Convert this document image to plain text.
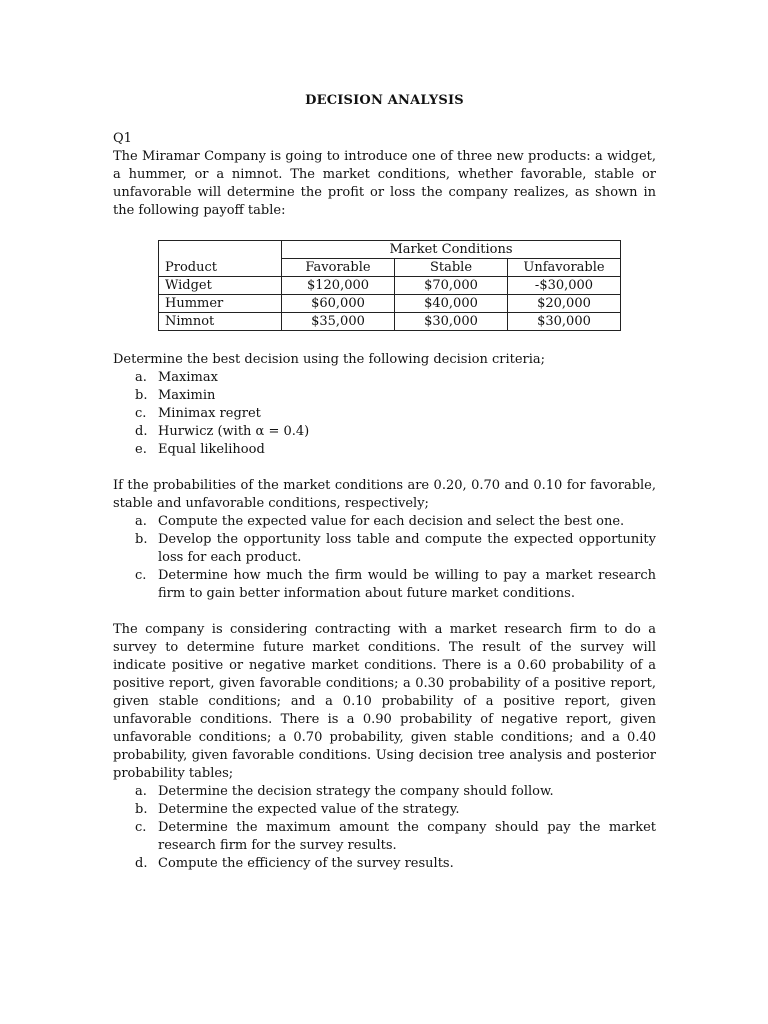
DECISION ANALYSIS

Q1

The Miramar Company is going to introduce one of three new products: a widget, a hummer, or a nimnot. The market conditions, whether favorable, stable or unfavorable will determine the profit or loss the company realizes, as shown in the following payoff table:

	Market Conditions		
Product	Favorable	Stable	Unfavorable
Widget	$120,000	$70,000	-$30,000
Hummer	$60,000	$40,000	$20,000
Nimnot	$35,000	$30,000	$30,000

Determine the best decision using the following decision criteria;

a. Maximax
b. Maximin
c. Minimax regret
d. Hurwicz (with α = 0.4)
e. Equal likelihood

If the probabilities of the market conditions are 0.20, 0.70 and 0.10 for favorable, stable and unfavorable conditions, respectively;

a. Compute the expected value for each decision and select the best one.
b. Develop the opportunity loss table and compute the expected opportunity loss for each product.
c. Determine how much the firm would be willing to pay a market research firm to gain better information about future market conditions.

The company is considering contracting with a market research firm to do a survey to determine future market conditions. The result of the survey will indicate positive or negative market conditions. There is a 0.60 probability of a positive report, given favorable conditions; a 0.30 probability of a positive report, given stable conditions; and a 0.10 probability of a positive report, given unfavorable conditions. There is a 0.90 probability of negative report, given unfavorable conditions; a 0.70 probability, given stable conditions; and a 0.40 probability, given favorable conditions. Using decision tree analysis and posterior probability tables;

a. Determine the decision strategy the company should follow.
b. Determine the expected value of the strategy.
c. Determine the maximum amount the company should pay the market research firm for the survey results.
d. Compute the efficiency of the survey results.
